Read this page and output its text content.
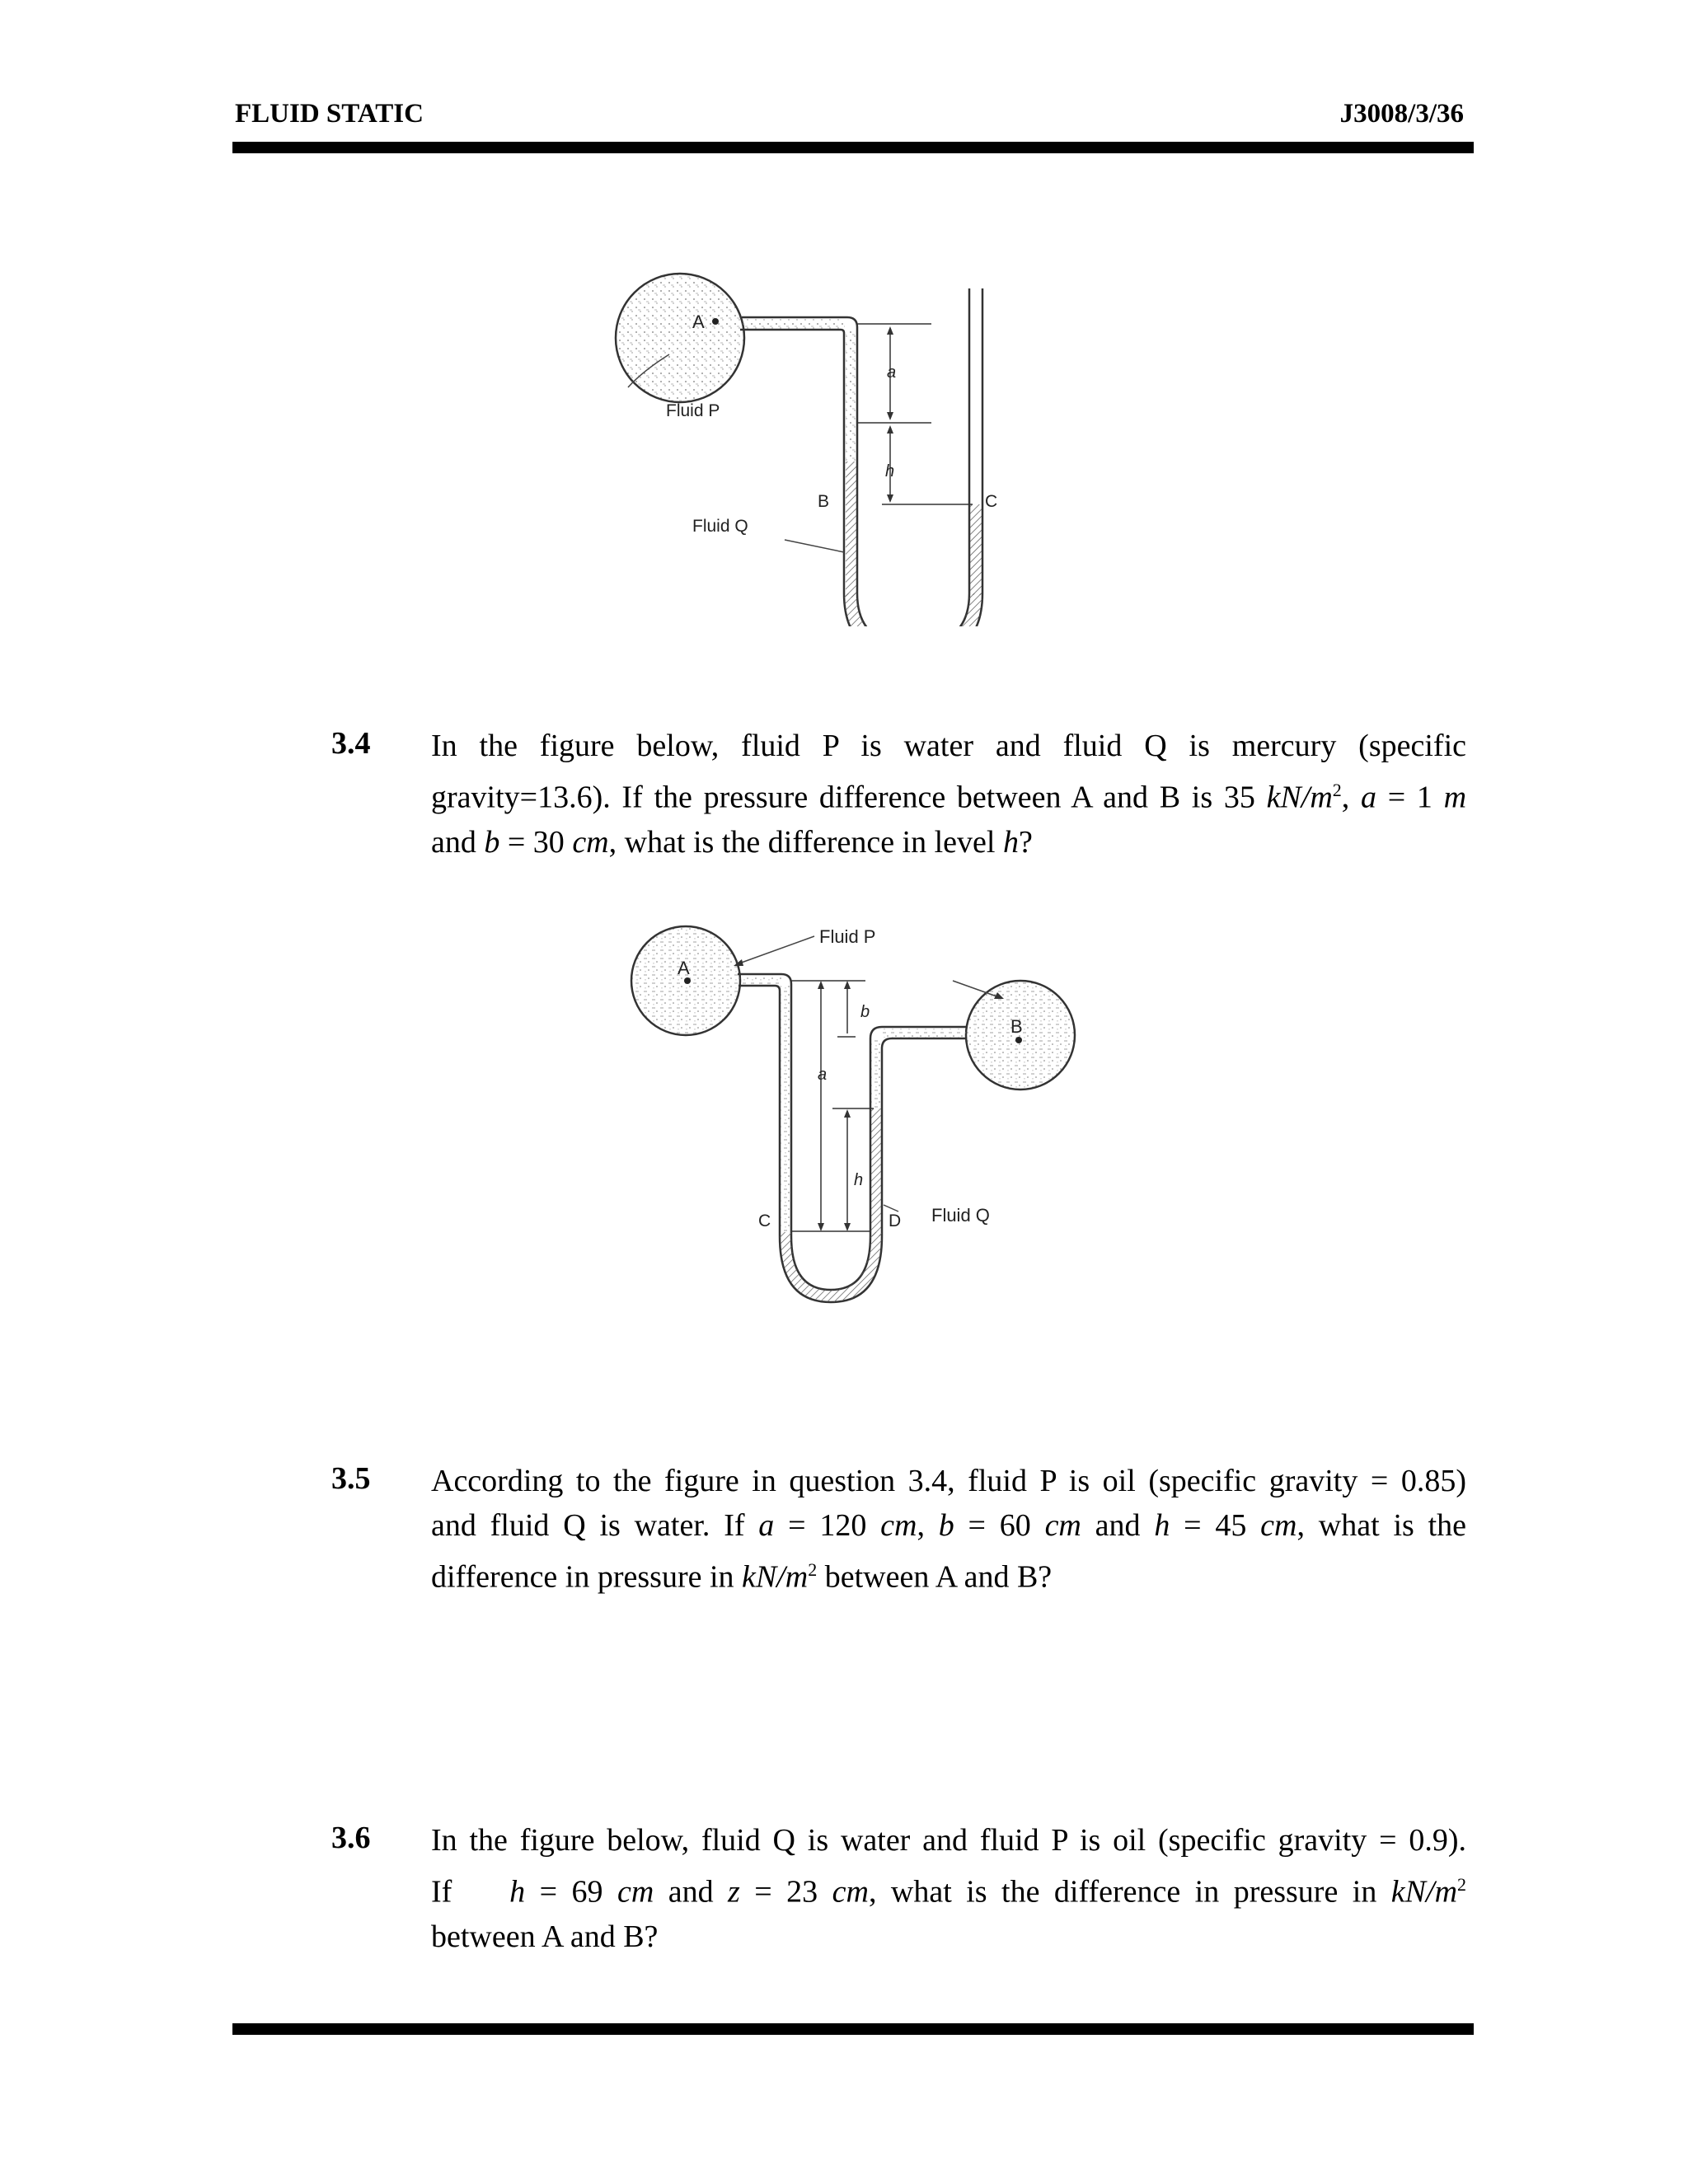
FLUID STATIC	J3008/3/36
A
Fluid P
Fluid Q
B	C
a
h
3.4 In the figure below, fluid P is water and fluid Q is mercury (specific
gravity=13.6). If the pressure difference between A and B is 35 $kN/m^2$, a = 1 m
and b = 30 cm, what is the difference in level h?
Fluid P
A
B
C	Fluid Q
D
a
b
h
3.5 According to the figure in question 3.4, fluid P is oil (specific gravity = 0.85)
and fluid Q is water. If a = 120 cm, b = 60 cm and h = 45 cm, what is the
difference in pressure in $kN/m^2$ between A and B?
3.6 In the figure below, fluid Q is water and fluid P is oil (specific gravity = 0.9).
If    h = 69 cm and z = 23 cm, what is the difference in pressure in $kN/m^2$
between A and B?
